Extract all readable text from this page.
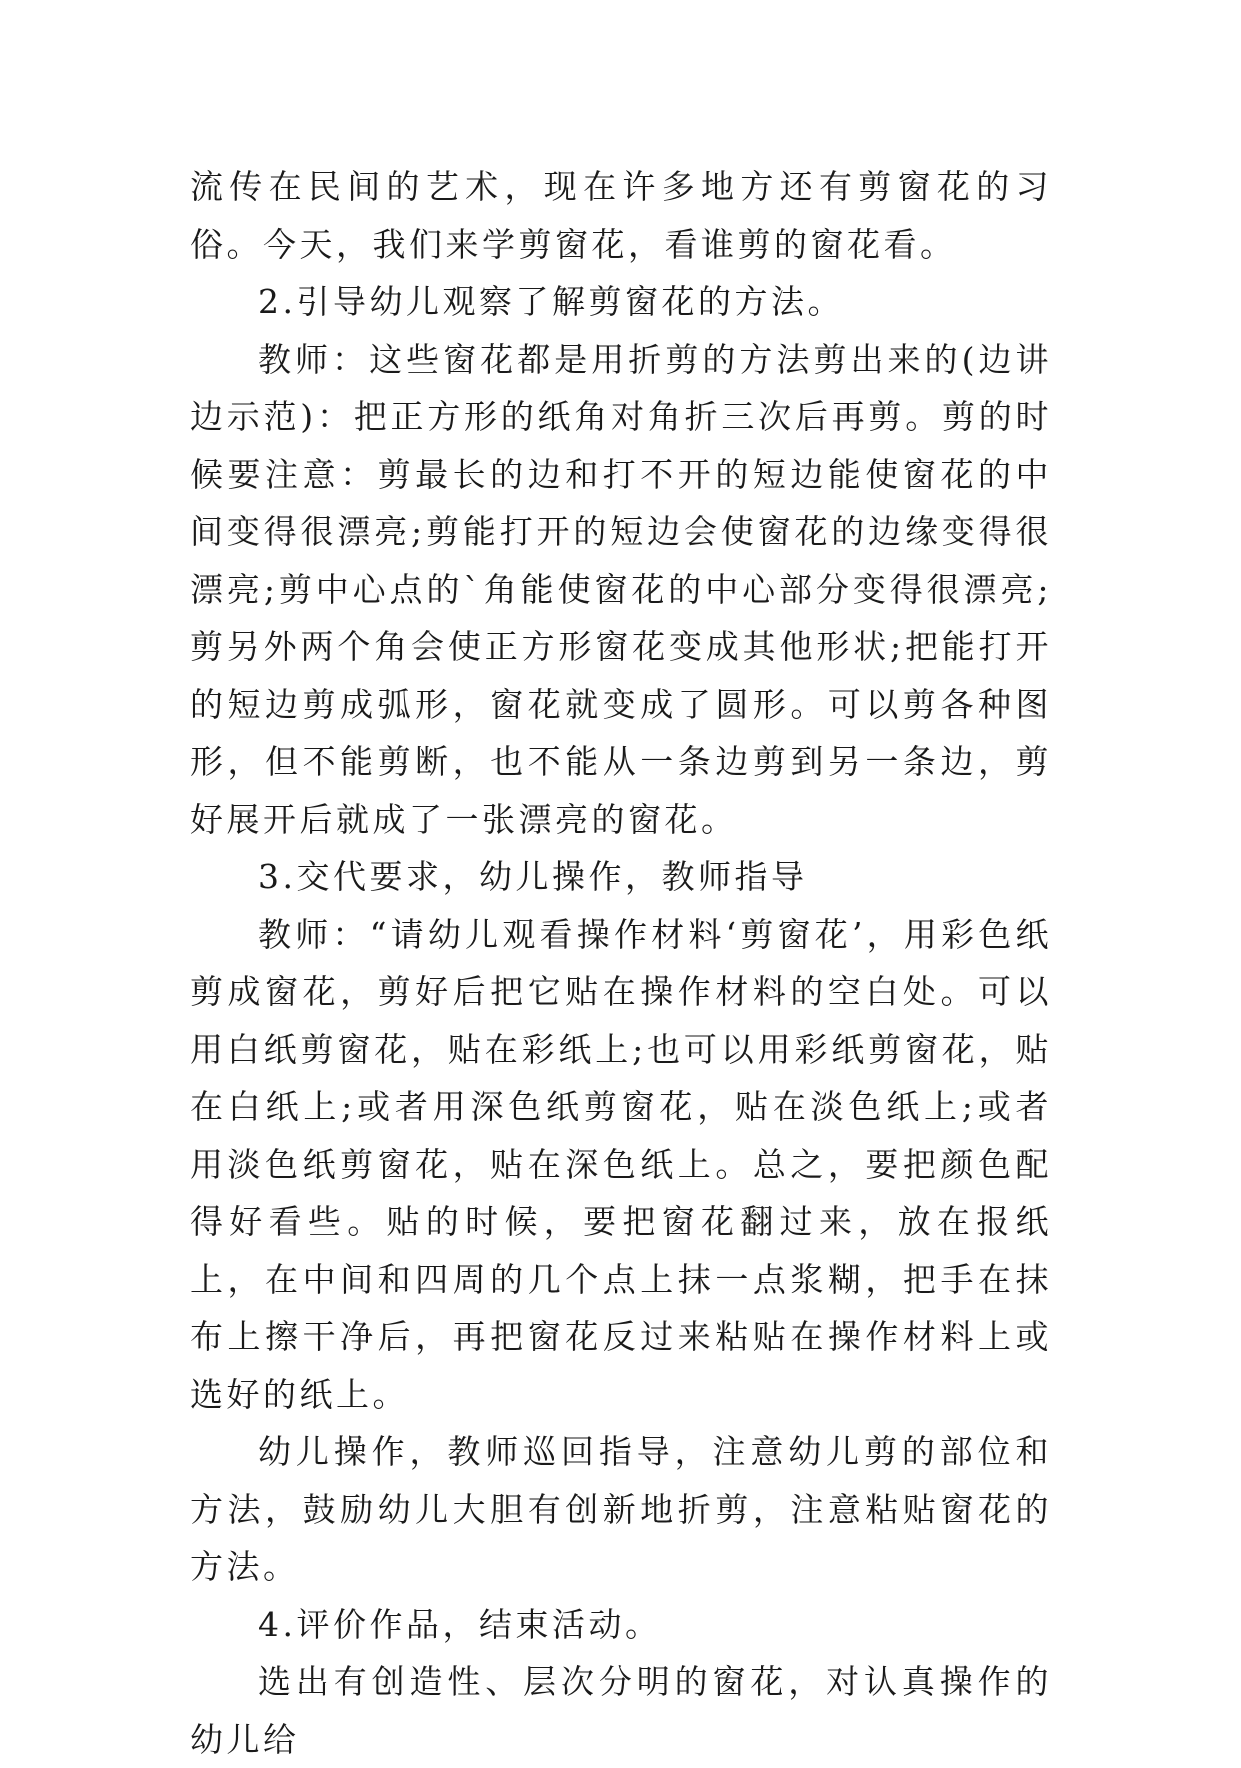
流传在民间的艺术，现在许多地方还有剪窗花的习俗。今天，我们来学剪窗花，看谁剪的窗花看。

2.引导幼儿观察了解剪窗花的方法。

教师：这些窗花都是用折剪的方法剪出来的(边讲边示范)：把正方形的纸角对角折三次后再剪。剪的时候要注意：剪最长的边和打不开的短边能使窗花的中间变得很漂亮;剪能打开的短边会使窗花的边缘变得很漂亮;剪中心点的`角能使窗花的中心部分变得很漂亮;剪另外两个角会使正方形窗花变成其他形状;把能打开的短边剪成弧形，窗花就变成了圆形。可以剪各种图形，但不能剪断，也不能从一条边剪到另一条边，剪好展开后就成了一张漂亮的窗花。

3.交代要求，幼儿操作，教师指导

教师：“请幼儿观看操作材料‘剪窗花’，用彩色纸剪成窗花，剪好后把它贴在操作材料的空白处。可以用白纸剪窗花，贴在彩纸上;也可以用彩纸剪窗花，贴在白纸上;或者用深色纸剪窗花，贴在淡色纸上;或者用淡色纸剪窗花，贴在深色纸上。总之，要把颜色配得好看些。贴的时候，要把窗花翻过来，放在报纸上，在中间和四周的几个点上抹一点浆糊，把手在抹布上擦干净后，再把窗花反过来粘贴在操作材料上或选好的纸上。

幼儿操作，教师巡回指导，注意幼儿剪的部位和方法，鼓励幼儿大胆有创新地折剪，注意粘贴窗花的方法。

4.评价作品，结束活动。

选出有创造性、层次分明的窗花，对认真操作的幼儿给
